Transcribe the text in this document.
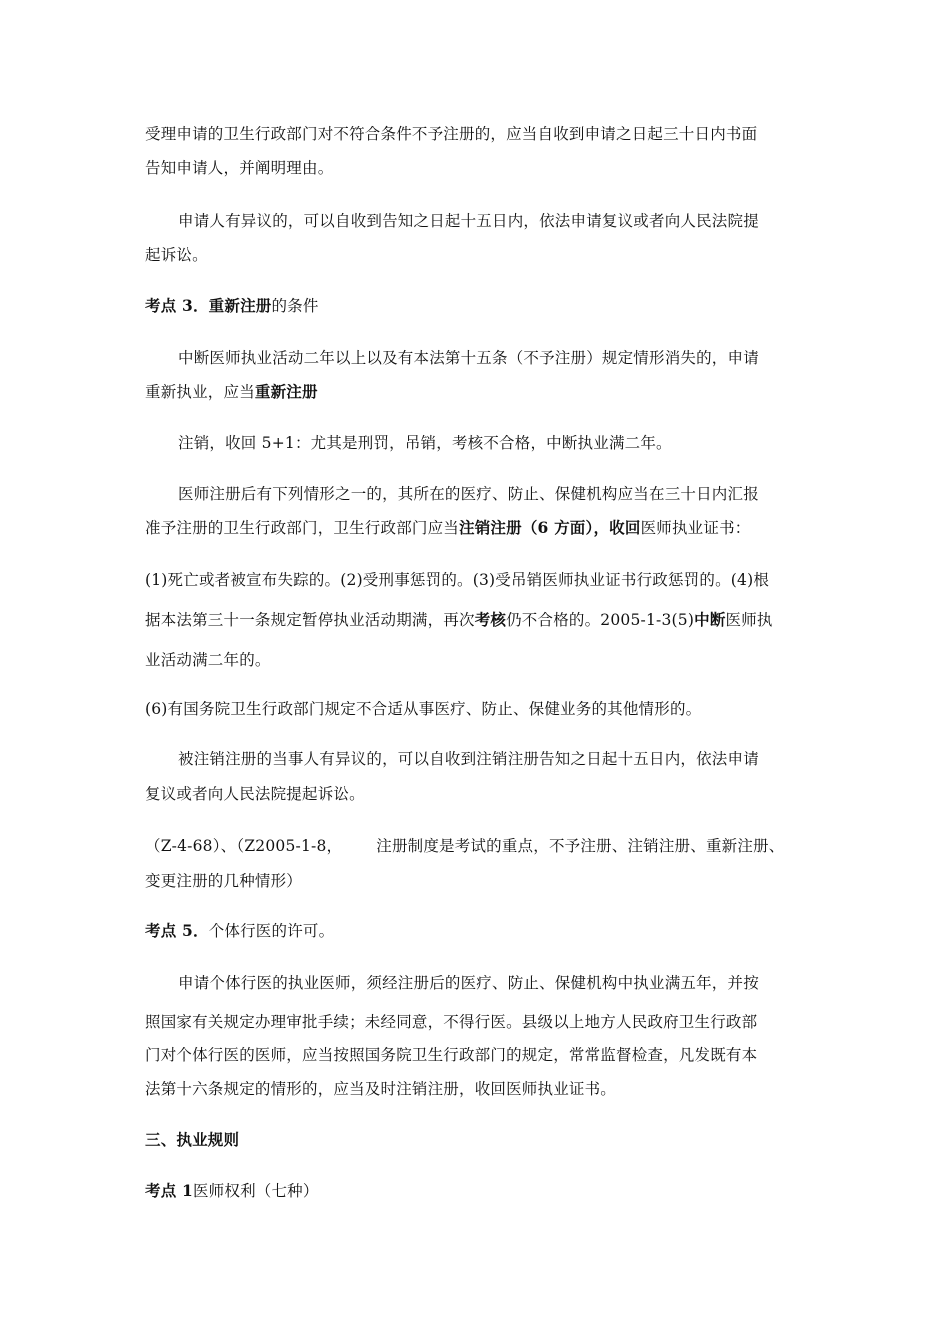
受理申请的卫生行政部门对不符合条件不予注册的，应当自收到申请之日起三十日内书面
告知申请人，并阐明理由。
申请人有异议的，可以自收到告知之日起十五日内，依法申请复议或者向人民法院提
起诉讼。
考点 3．重新注册的条件
中断医师执业活动二年以上以及有本法第十五条（不予注册）规定情形消失的，申请
重新执业，应当重新注册
注销，收回 5+1：尤其是刑罚，吊销，考核不合格，中断执业满二年。
医师注册后有下列情形之一的，其所在的医疗、防止、保健机构应当在三十日内汇报
准予注册的卫生行政部门，卫生行政部门应当注销注册（6 方面），收回医师执业证书：
(1)死亡或者被宣布失踪的。(2)受刑事惩罚的。(3)受吊销医师执业证书行政惩罚的。(4)根
据本法第三十一条规定暂停执业活动期满，再次考核仍不合格的。2005-1-3(5)中断医师执
业活动满二年的。
(6)有国务院卫生行政部门规定不合适从事医疗、防止、保健业务的其他情形的。
被注销注册的当事人有异议的，可以自收到注销注册告知之日起十五日内，依法申请
复议或者向人民法院提起诉讼。
（Z-4-68）、（Z2005-1-8， 注册制度是考试的重点，不予注册、注销注册、重新注册、
变更注册的几种情形）
考点 5．个体行医的许可。
申请个体行医的执业医师，须经注册后的医疗、防止、保健机构中执业满五年，并按
照国家有关规定办理审批手续；未经同意，不得行医。县级以上地方人民政府卫生行政部
门对个体行医的医师，应当按照国务院卫生行政部门的规定，常常监督检查，凡发既有本
法第十六条规定的情形的，应当及时注销注册，收回医师执业证书。
三、执业规则
考点 1医师权利（七种）
